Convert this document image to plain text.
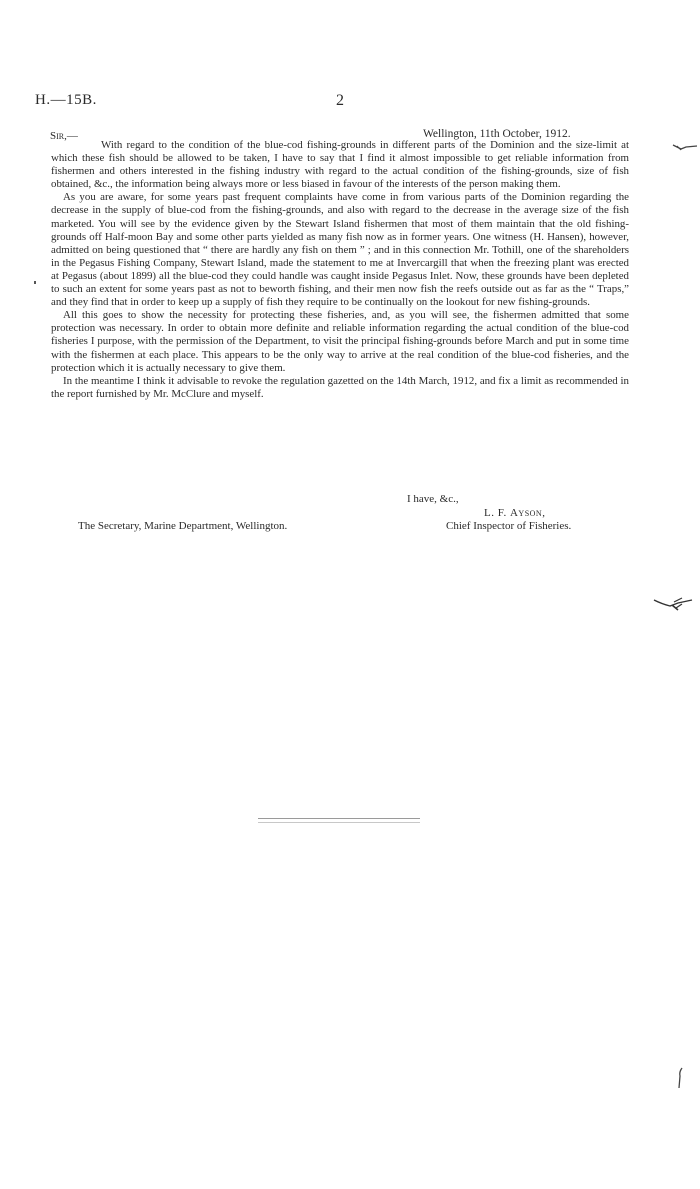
H.—15B.	2
Sir,—	Wellington, 11th October, 1912.

With regard to the condition of the blue-cod fishing-grounds in different parts of the Dominion and the size-limit at which these fish should be allowed to be taken, I have to say that I find it almost impossible to get reliable information from fishermen and others interested in the fishing industry with regard to the actual condition of the fishing-grounds, size of fish obtained, &c., the information being always more or less biased in favour of the interests of the person making them.

As you are aware, for some years past frequent complaints have come in from various parts of the Dominion regarding the decrease in the supply of blue-cod from the fishing-grounds, and also with regard to the decrease in the average size of the fish marketed. You will see by the evidence given by the Stewart Island fishermen that most of them maintain that the old fishing-grounds off Half-moon Bay and some other parts yielded as many fish now as in former years. One witness (H. Hansen), however, admitted on being questioned that “ there are hardly any fish on them ” ; and in this connection Mr. Tothill, one of the shareholders in the Pegasus Fishing Company, Stewart Island, made the statement to me at Invercargill that when the freezing plant was erected at Pegasus (about 1899) all the blue-cod they could handle was caught inside Pegasus Inlet. Now, these grounds have been depleted to such an extent for some years past as not to beworth fishing, and their men now fish the reefs outside out as far as the “ Traps,” and they find that in order to keep up a supply of fish they require to be continually on the lookout for new fishing-grounds.

All this goes to show the necessity for protecting these fisheries, and, as you will see, the fishermen admitted that some protection was necessary. In order to obtain more definite and reliable information regarding the actual condition of the blue-cod fisheries I purpose, with the permission of the Department, to visit the principal fishing-grounds before March and put in some time with the fishermen at each place. This appears to be the only way to arrive at the real condition of the blue-cod fisheries, and the protection which it is actually necessary to give them.

In the meantime I think it advisable to revoke the regulation gazetted on the 14th March, 1912, and fix a limit as recommended in the report furnished by Mr. McClure and myself.

I have, &c.,
L. F. Ayson,
The Secretary, Marine Department, Wellington.	Chief Inspector of Fisheries.
